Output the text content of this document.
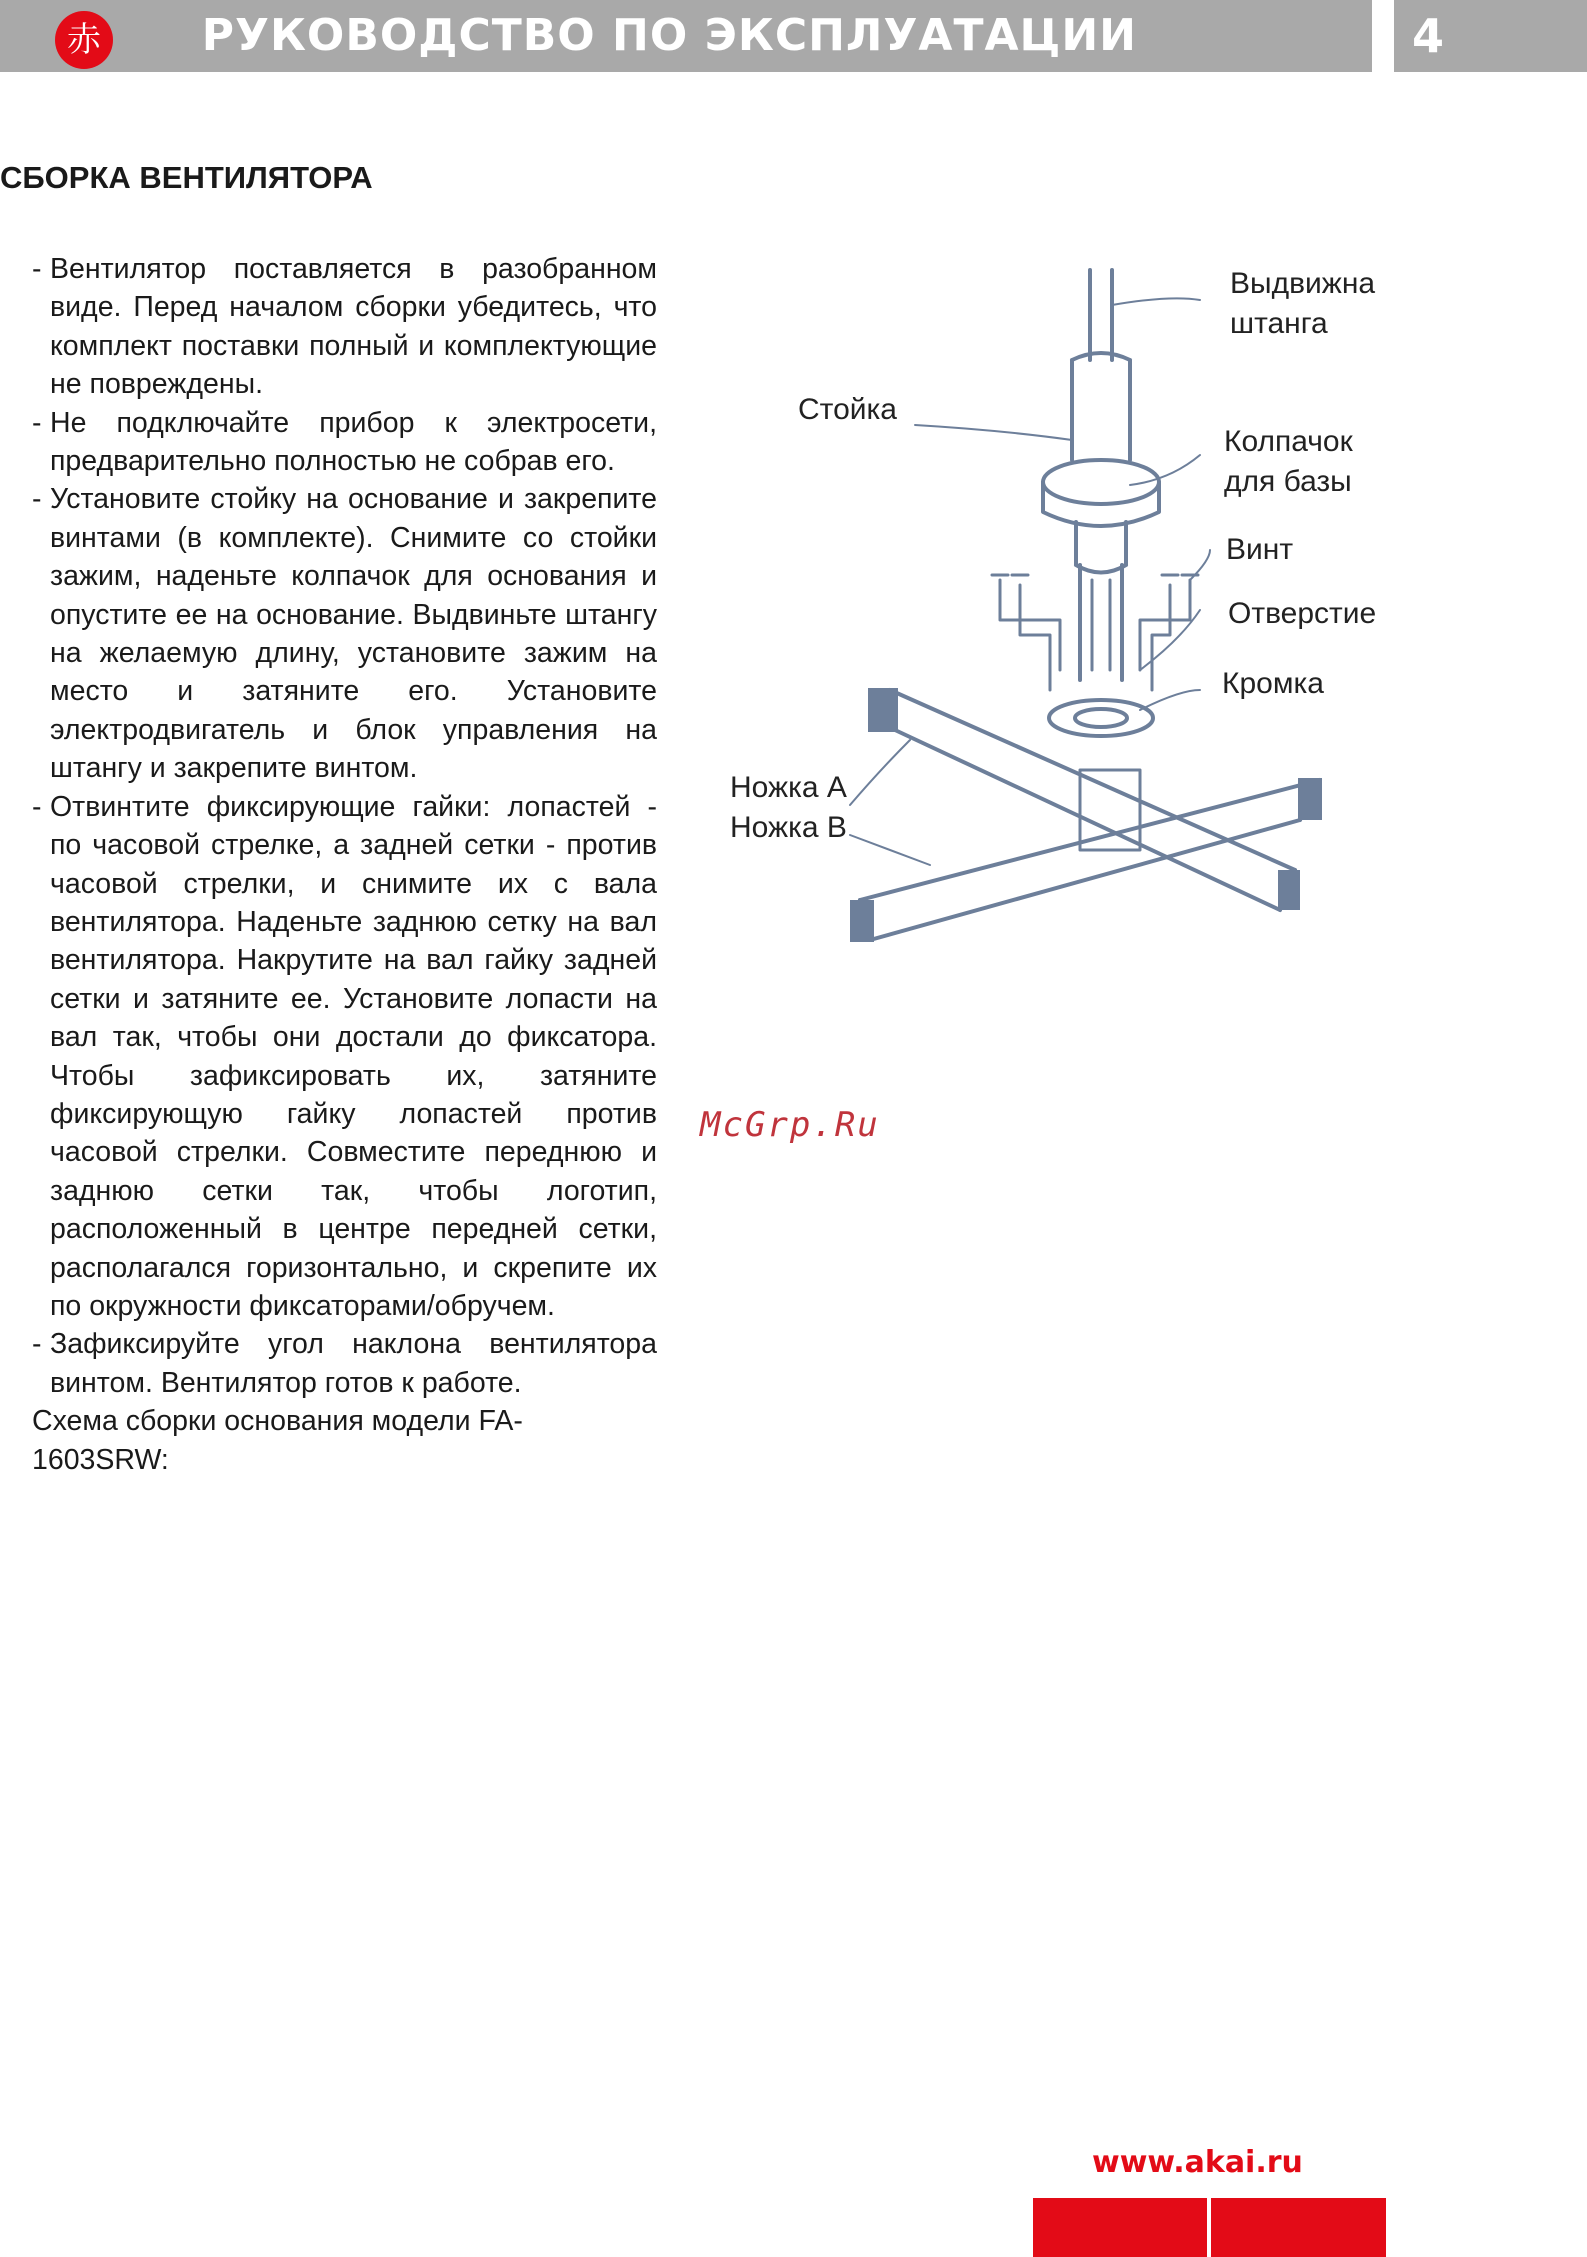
赤 РУКОВОДСТВО ПО ЭКСПЛУАТАЦИИ	4
СБОРКА ВЕНТИЛЯТОРА

- Вентилятор поставляется в разобранном виде. Перед началом сборки убедитесь, что комплект поставки полный и комплектующие не повреждены.

- Не подключайте прибор к электросети, предварительно полностью не собрав его.

- Установите стойку на основание и закрепите винтами (в комплекте). Снимите со стойки зажим, наденьте колпачок для основания и опустите ее на основание. Выдвиньте штангу на желаемую длину, установите зажим на место и затяните его. Установите электродвигатель и блок управления на штангу и закрепите винтом.

- Отвинтите фиксирующие гайки: лопастей - по часовой стрелке, а задней сетки - против часовой стрелки, и снимите их с вала вентилятора. Наденьте заднюю сетку на вал вентилятора. Накрутите на вал гайку задней сетки и затяните ее. Установите лопасти на вал так, чтобы они достали до фиксатора. Чтобы зафиксировать их, затяните фиксирующую гайку лопастей против часовой стрелки. Совместите переднюю и заднюю сетки так, чтобы логотип, расположенный в центре передней сетки, располагался горизонтально, и скрепите их по окружности фиксаторами/обручем.

- Зафиксируйте угол наклона вентилятора винтом. Вентилятор готов к работе.

Схема сборки основания модели FA-1603SRW:

Выдвижна
штанга
Стойка
Колпачок
для базы
Винт
Отверстие
Кромка
Ножка А
Ножка В
McGrp.Ru
www.akai.ru
